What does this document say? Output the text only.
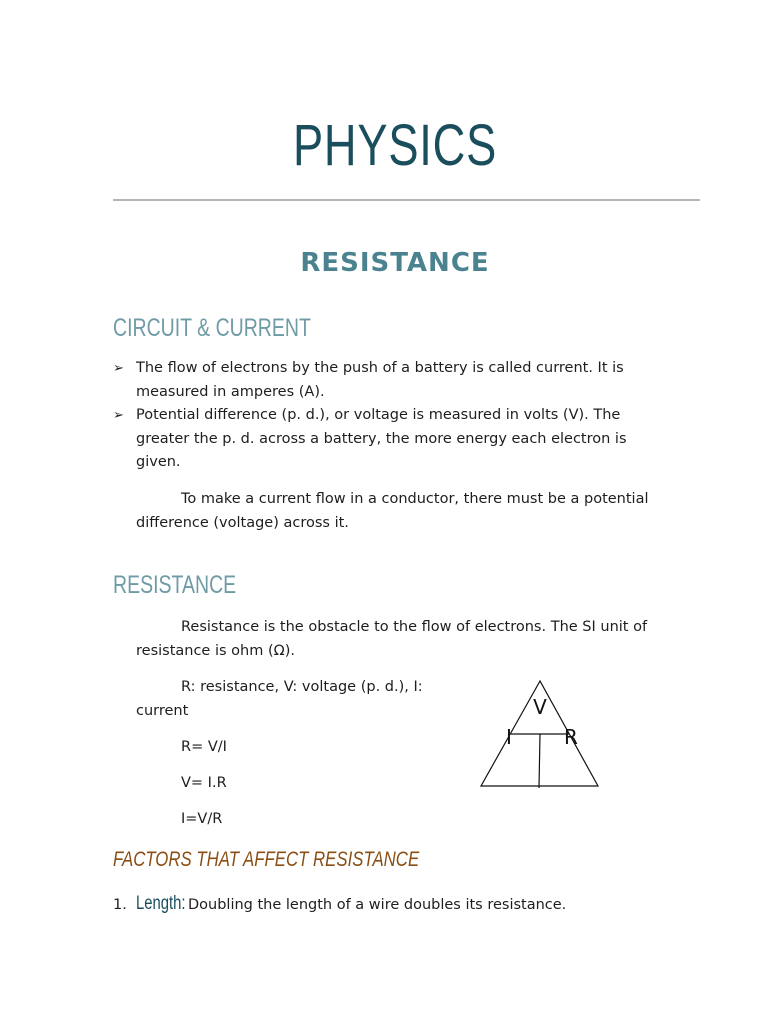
PHYSICS
RESISTANCE
CIRCUIT & CURRENT
➢ The flow of electrons by the push of a battery is called current. It is measured in amperes (A).
➢ Potential difference (p. d.), or voltage is measured in volts (V). The greater the p. d. across a battery, the more energy each electron is given.
To make a current flow in a conductor, there must be a potential difference (voltage) across it.
RESISTANCE
Resistance is the obstacle to the flow of electrons. The SI unit of resistance is ohm (Ω).
R: resistance, V: voltage (p. d.), I: current
R= V/I
V= I.R
I=V/R
V
I	R
FACTORS THAT AFFECT RESISTANCE
1. Length: Doubling the length of a wire doubles its resistance.
